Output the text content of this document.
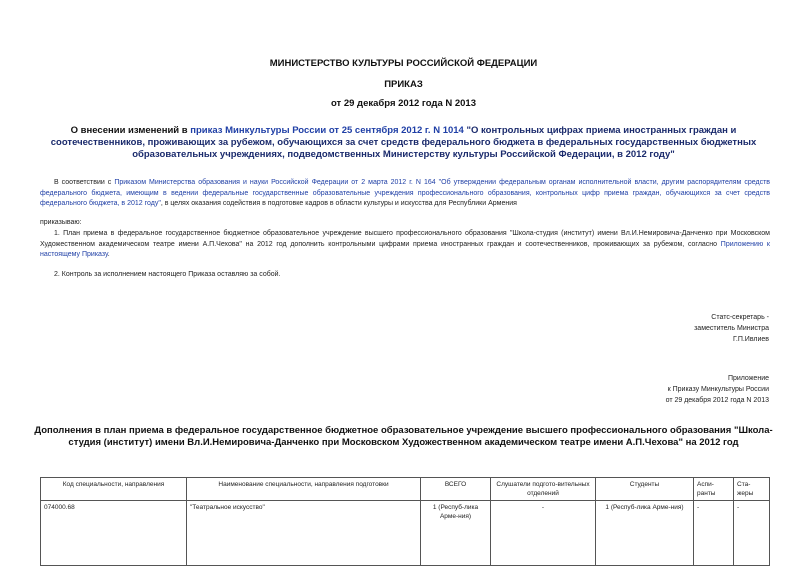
МИНИСТЕРСТВО КУЛЬТУРЫ РОССИЙСКОЙ ФЕДЕРАЦИИ
ПРИКАЗ
от 29 декабря 2012 года N 2013
О внесении изменений в приказ Минкультуры России от 25 сентября 2012 г. N 1014 "О контрольных цифрах приема иностранных граждан и соотечественников, проживающих за рубежом, обучающихся за счет средств федерального бюджета в федеральных государственных бюджетных образовательных учреждениях, подведомственных Министерству культуры Российской Федерации, в 2012 году"
В соответствии с Приказом Министерства образования и науки Российской Федерации от 2 марта 2012 г. N 164 "Об утверждении федеральным органам исполнительной власти, другим распорядителям средств федерального бюджета, имеющим в ведении федеральные государственные образовательные учреждения профессионального образования, контрольных цифр приема граждан, обучающихся за счет средств федерального бюджета, в 2012 году", в целях оказания содействия в подготовке кадров в области культуры и искусства для Республики Армения
приказываю:
1. План приема в федеральное государственное бюджетное образовательное учреждение высшего профессионального образования "Школа-студия (институт) имени Вл.И.Немировича-Данченко при Московском Художественном академическом театре имени А.П.Чехова" на 2012 год дополнить контрольными цифрами приема иностранных граждан и соотечественников, проживающих за рубежом, согласно Приложению к настоящему Приказу.
2. Контроль за исполнением настоящего Приказа оставляю за собой.
Статс-секретарь -
заместитель Министра
Г.П.Ивлиев
Приложение
к Приказу Минкультуры России
от 29 декабря 2012 года N 2013
Дополнения в план приема в федеральное государственное бюджетное образовательное учреждение высшего профессионального образования "Школа-студия (институт) имени Вл.И.Немировича-Данченко при Московском Художественном академическом театре имени А.П.Чехова" на 2012 год
Код специальности, направления	Наименование специальности, направления подготовки	ВСЕГО	Слушатели подгото-вительных отделений	Студенты	Аспи-ранты	Ста-жеры
074000.68	"Театральное искусство"	1 (Респуб-лика Арме-ния)	-	1 (Респуб-лика Арме-ния)	-	-
